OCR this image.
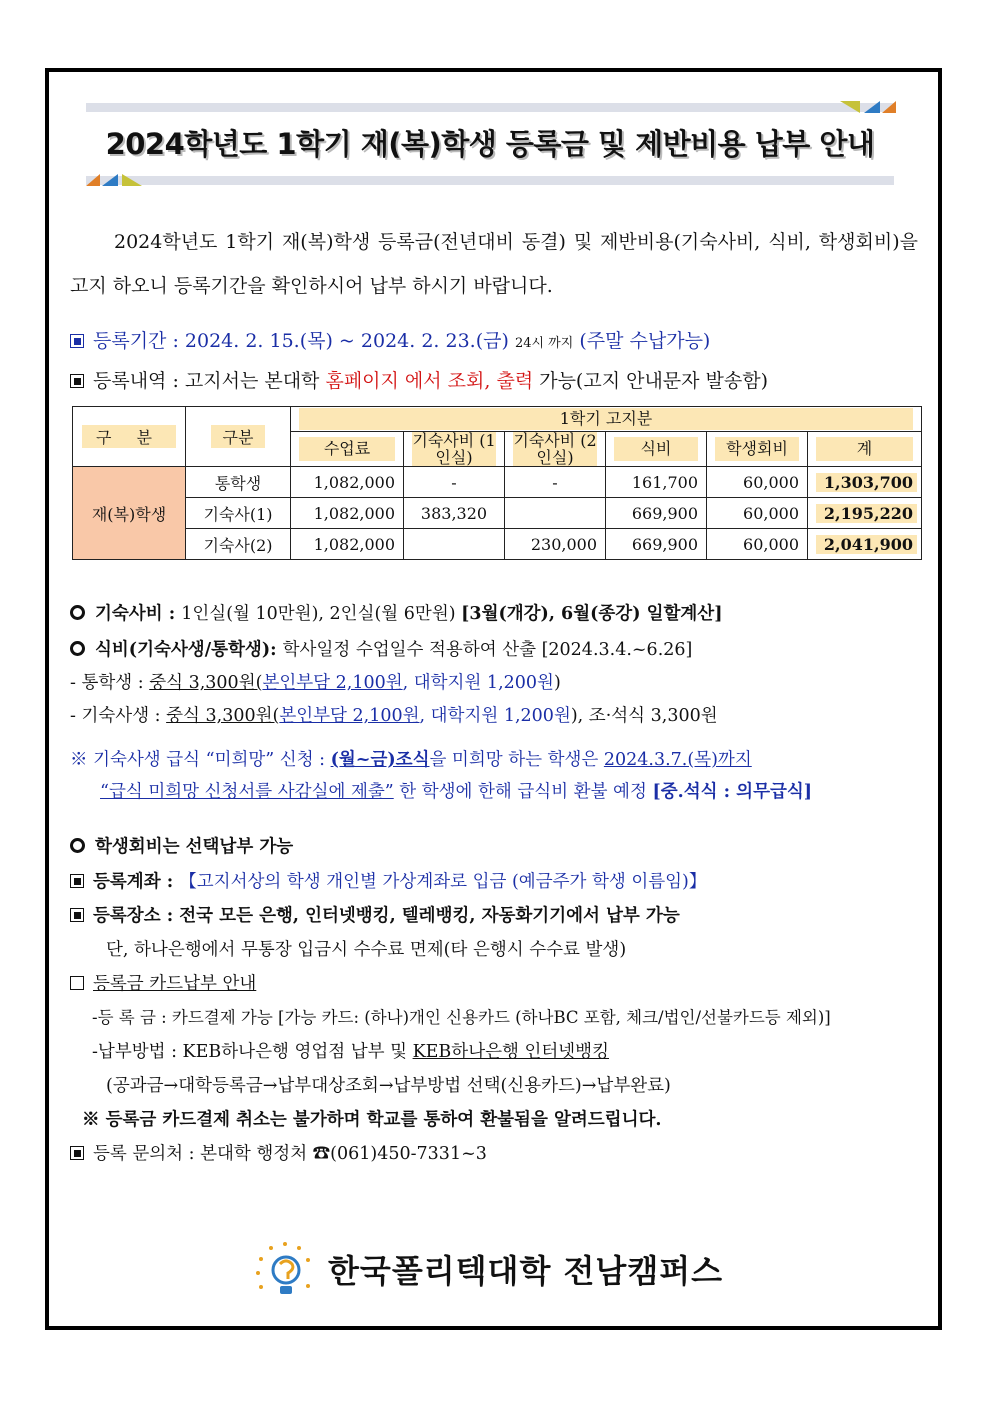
2024학년도 1학기 재(복)학생 등록금 및 제반비용 납부 안내
2024학년도 1학기 재(복)학생 등록금(전년대비 동결) 및 제반비용(기숙사비, 식비, 학생회비)을 고지 하오니 등록기간을 확인하시어 납부 하시기 바랍니다.
등록기간 : 2024. 2. 15.(목) ~ 2024. 2. 23.(금) 24시 까지 (주말 수납가능)
등록내역 : 고지서는 본대학 홈페이지 에서 조회, 출력 가능(고지 안내문자 발송함)
구 분	구분	1학기 고지분					

		수업료	기숙사비 (1인실)	기숙사비 (2인실)	식비	학생회비	계

재(복)학생	통학생	1,082,000	-	-	161,700	60,000	1,303,700

	기숙사(1)	1,082,000	383,320		669,900	60,000	2,195,220

	기숙사(2)	1,082,000		230,000	669,900	60,000	2,041,900
기숙사비 : 1인실(월 10만원), 2인실(월 6만원) [3월(개강), 6월(종강) 일할계산]
식비(기숙사생/통학생): 학사일정 수업일수 적용하여 산출 [2024.3.4.~6.26]
- 통학생 : 중식 3,300원(본인부담 2,100원, 대학지원 1,200원)
- 기숙사생 : 중식 3,300원(본인부담 2,100원, 대학지원 1,200원), 조·석식 3,300원
※ 기숙사생 급식 “미희망” 신청 : (월~금)조식을 미희망 하는 학생은 2024.3.7.(목)까지
“급식 미희망 신청서를 사감실에 제출” 한 학생에 한해 급식비 환불 예정 [중.석식 : 의무급식]
학생회비는 선택납부 가능
등록계좌 : 【고지서상의 학생 개인별 가상계좌로 입금 (예금주가 학생 이름임)】
등록장소 : 전국 모든 은행, 인터넷뱅킹, 텔레뱅킹, 자동화기기에서 납부 가능
단, 하나은행에서 무통장 입금시 수수료 면제(타 은행시 수수료 발생)
등록금 카드납부 안내
-등 록 금 : 카드결제 가능 [가능 카드: (하나)개인 신용카드 (하나BC 포함, 체크/법인/선불카드등 제외)]
-납부방법 : KEB하나은행 영업점 납부 및 KEB하나은행 인터넷뱅킹
(공과금→대학등록금→납부대상조회→납부방법 선택(신용카드)→납부완료)
※ 등록금 카드결제 취소는 불가하며 학교를 통하여 환불됨을 알려드립니다.
등록 문의처 : 본대학 행정처 ☎(061)450-7331~3
한국폴리텍대학 전남캠퍼스
